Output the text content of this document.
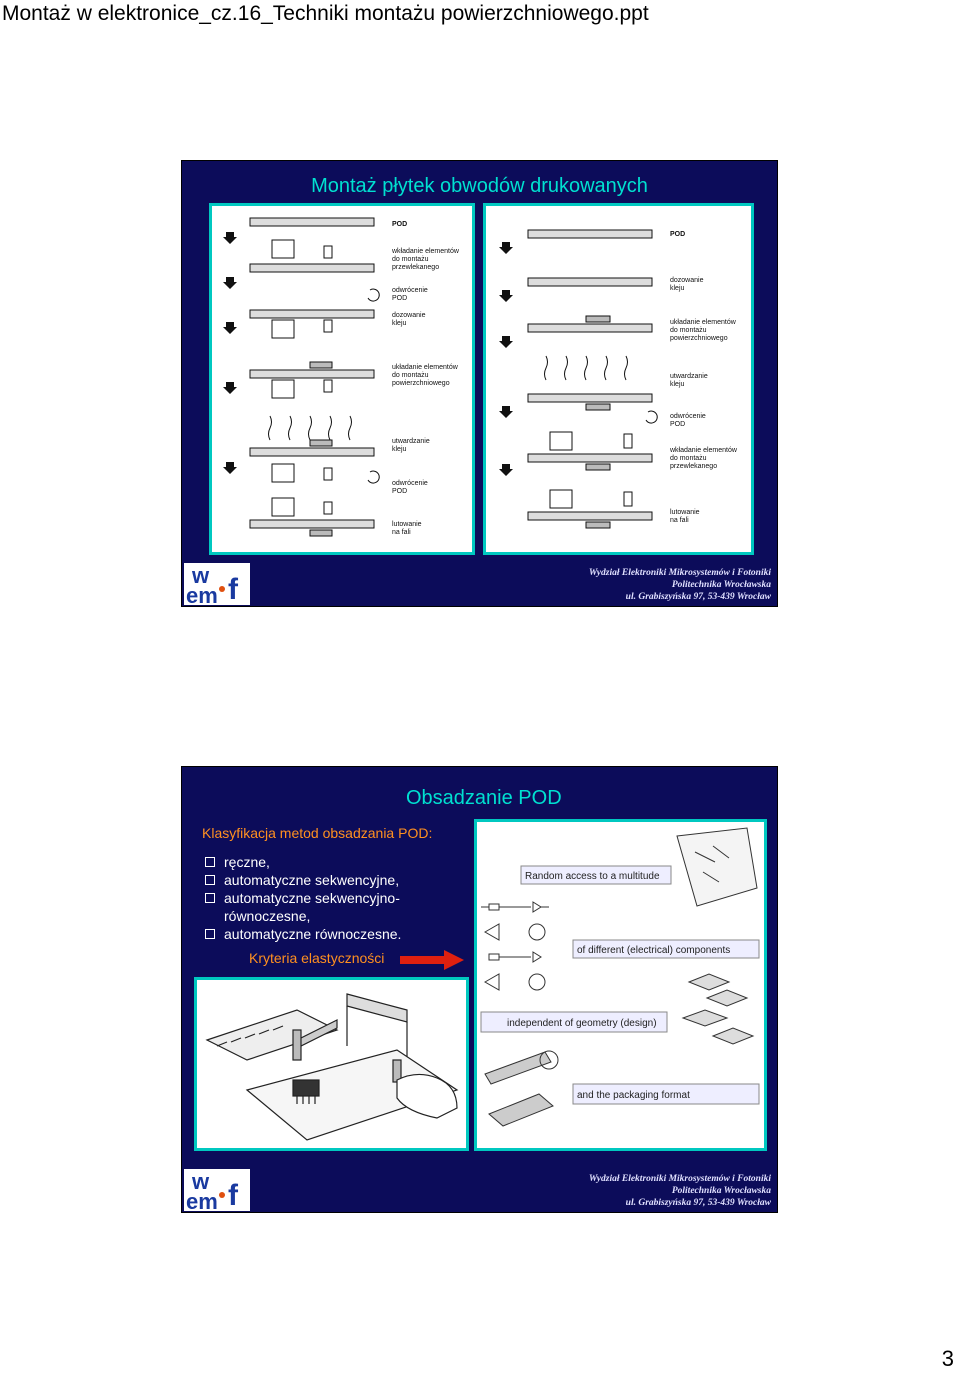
Montaż w elektronice_cz.16_Techniki montażu powierzchniowego.ppt
Montaż płytek obwodów drukowanych
POD
wkładanie elementów
do montażu
przewlekanego
odwrócenie
POD
dozowanie
kleju
układanie elementów
do montażu
powierzchniowego
utwardzanie
kleju
odwrócenie
POD
lutowanie
na fali
POD
dozowanie
kleju
układanie elementów
do montażu
powierzchniowego
utwardzanie
kleju
odwrócenie
POD
wkładanie elementów
do montażu
przewlekanego
lutowanie
na fali
w
em f	Wydział Elektroniki Mikrosystemów i Fotoniki
Politechnika Wrocławska
ul. Grabiszyńska 97, 53-439 Wrocław
Obsadzanie POD
Klasyfikacja metod obsadzania POD:
ręczne,
automatyczne sekwencyjne,
automatyczne sekwencyjno-
równoczesne,
automatyczne równoczesne.
Kryteria elastyczności
Random access to a multitude
of different (electrical) components
independent of geometry (design)
and the packaging format
w
em f	Wydział Elektroniki Mikrosystemów i Fotoniki
Politechnika Wrocławska
ul. Grabiszyńska 97, 53-439 Wrocław
3
